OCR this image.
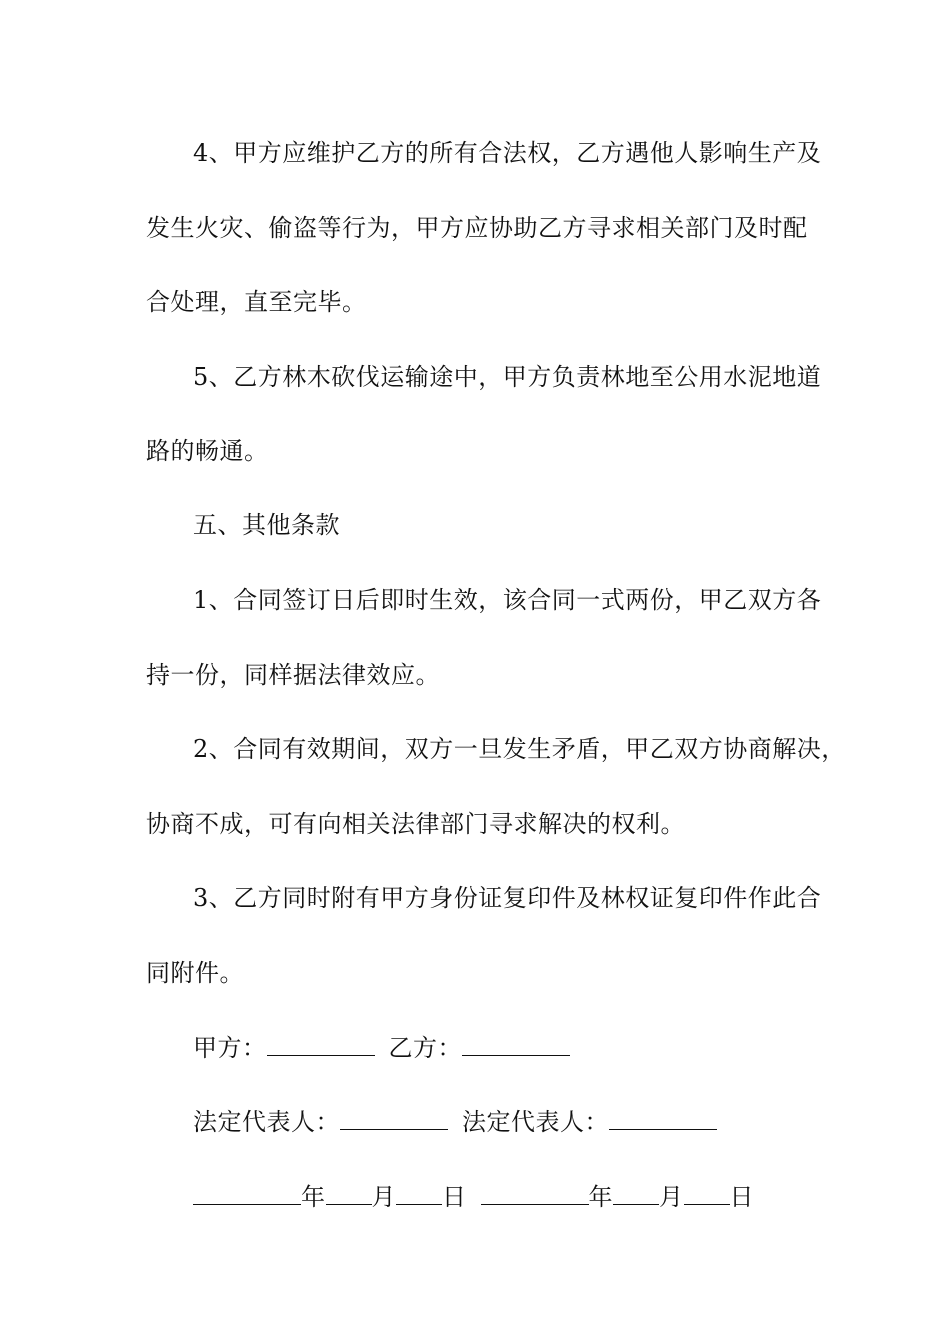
4、甲方应维护乙方的所有合法权，乙方遇他人影响生产及
发生火灾、偷盗等行为，甲方应协助乙方寻求相关部门及时配
合处理，直至完毕。
5、乙方林木砍伐运输途中，甲方负责林地至公用水泥地道
路的畅通。
五、其他条款
1、合同签订日后即时生效，该合同一式两份，甲乙双方各
持一份，同样据法律效应。
2、合同有效期间，双方一旦发生矛盾，甲乙双方协商解决，
协商不成，可有向相关法律部门寻求解决的权利。
3、乙方同时附有甲方身份证复印件及林权证复印件作此合
同附件。
甲方：	乙方：
法定代表人：	法定代表人：
年 月 日	年 月 日
